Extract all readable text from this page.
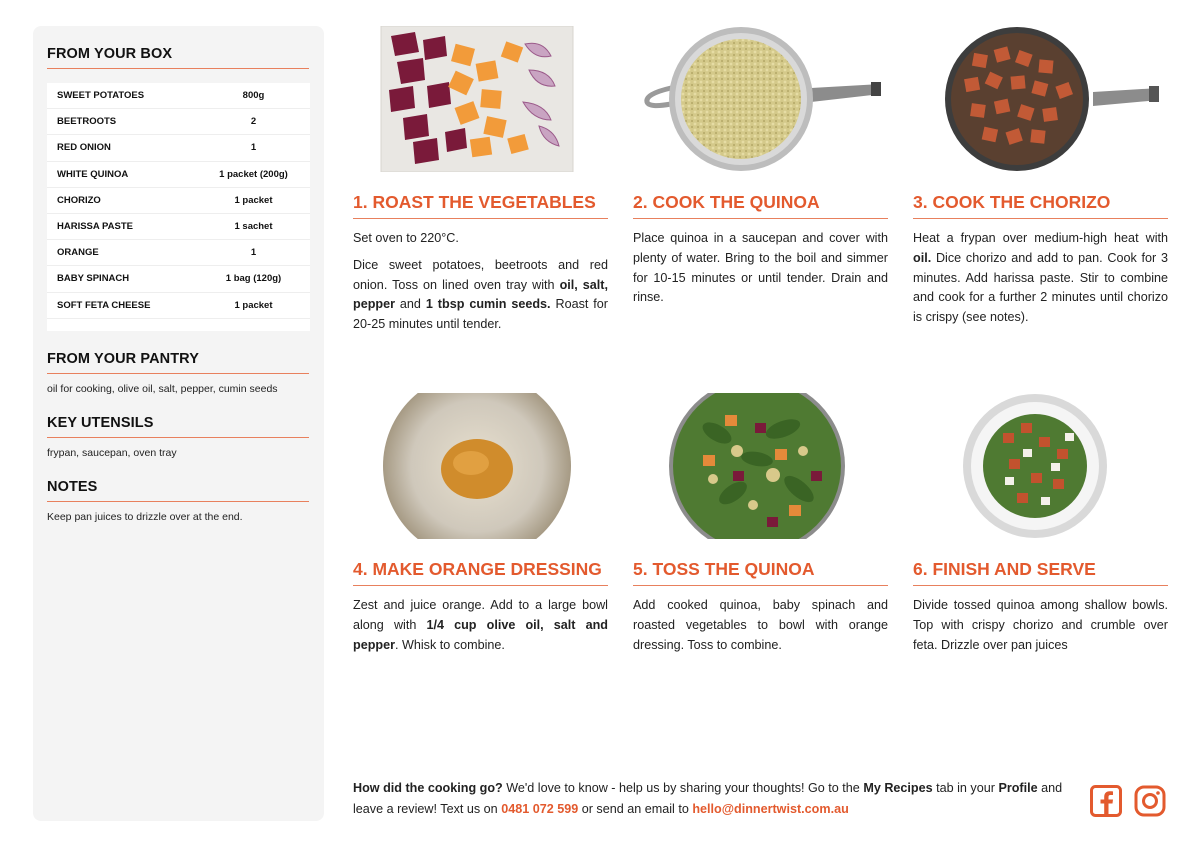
FROM YOUR BOX
SWEET POTATOES	800g
BEETROOTS	2
RED ONION	1
WHITE QUINOA	1 packet (200g)
CHORIZO	1 packet
HARISSA PASTE	1 sachet
ORANGE	1
BABY SPINACH	1 bag (120g)
SOFT FETA CHEESE	1 packet
FROM YOUR PANTRY
oil for cooking, olive oil, salt, pepper, cumin seeds
KEY UTENSILS
frypan, saucepan, oven tray
NOTES
Keep pan juices to drizzle over at the end.
1. ROAST THE VEGETABLES

Set oven to 220°C.

Dice sweet potatoes, beetroots and red onion. Toss on lined oven tray with oil, salt, pepper and 1 tbsp cumin seeds. Roast for 20-25 minutes until tender.

2. COOK THE QUINOA

Place quinoa in a saucepan and cover with plenty of water. Bring to the boil and simmer for 10-15 minutes or until tender. Drain and rinse.

3. COOK THE CHORIZO

Heat a frypan over medium-high heat with oil. Dice chorizo and add to pan. Cook for 3 minutes. Add harissa paste. Stir to combine and cook for a further 2 minutes until chorizo is crispy (see notes).

4. MAKE ORANGE DRESSING

Zest and juice orange. Add to a large bowl along with 1/4 cup olive oil, salt and pepper. Whisk to combine.

5. TOSS THE QUINOA

Add cooked quinoa, baby spinach and roasted vegetables to bowl with orange dressing. Toss to combine.

6. FINISH AND SERVE

Divide tossed quinoa among shallow bowls. Top with crispy chorizo and crumble over feta. Drizzle over pan juices

How did the cooking go? We'd love to know - help us by sharing your thoughts! Go to the My Recipes tab in your Profile and leave a review! Text us on 0481 072 599 or send an email to hello@dinnertwist.com.au
